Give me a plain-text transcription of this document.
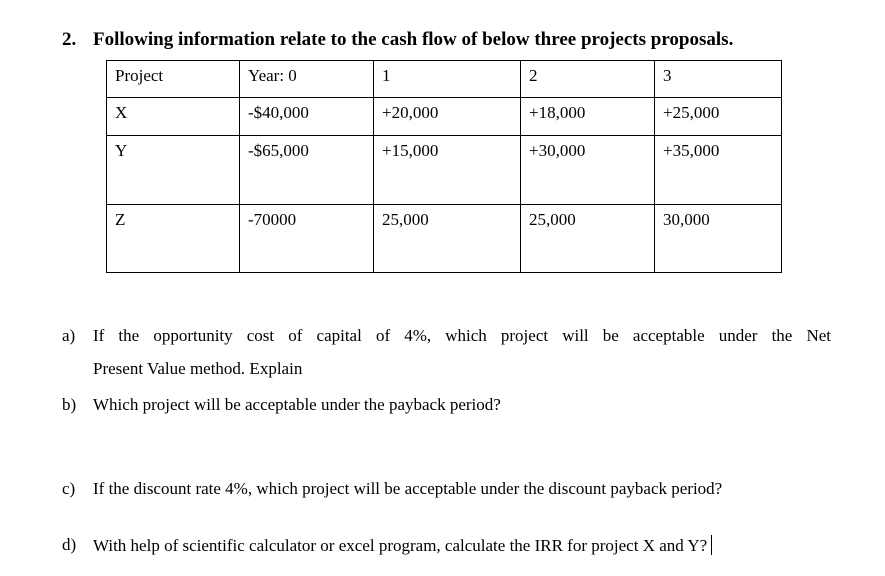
2. Following information relate to the cash flow of below three projects proposals.
Project	Year: 0	1	2	3
X	-$40,000	+20,000	+18,000	+25,000
Y	-$65,000	+15,000	+30,000	+35,000
Z	-70000	25,000	25,000	30,000
a) If the opportunity cost of capital of 4%, which project will be acceptable under the Net
Present Value method. Explain
b) Which project will be acceptable under the payback period?
c) If the discount rate 4%, which project will be acceptable under the discount payback period?
d) With help of scientific calculator or excel program, calculate the IRR for project X and Y?
